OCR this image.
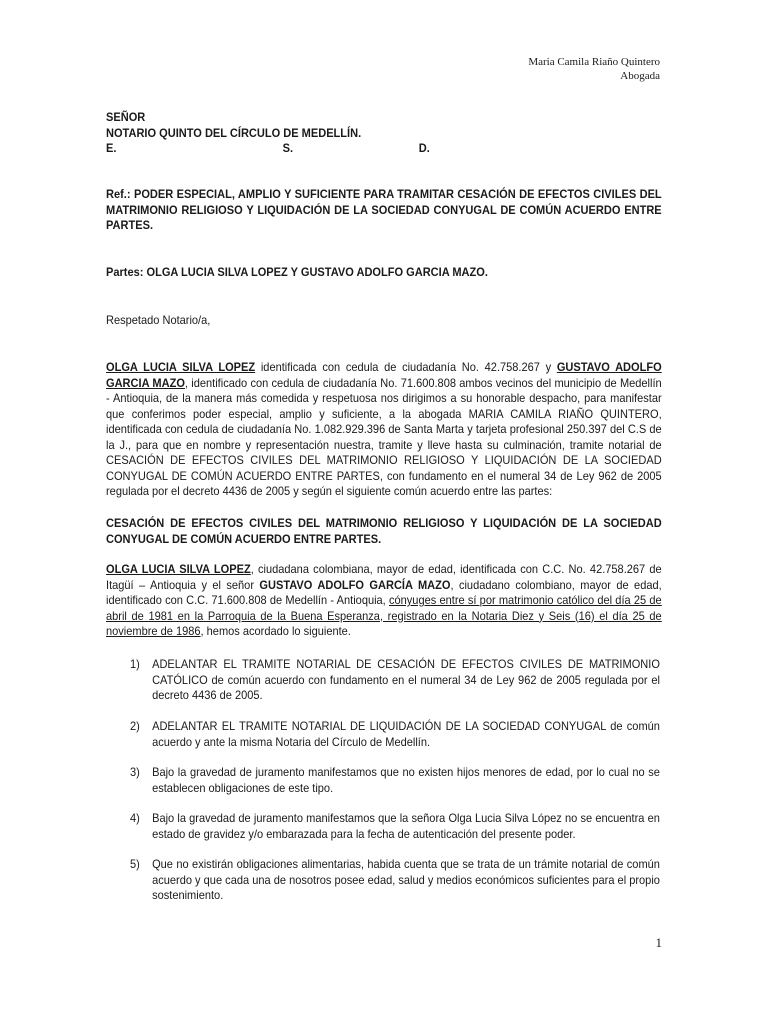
Maria Camila Riaño Quintero
Abogada
SEÑOR
NOTARIO QUINTO DEL CÍRCULO DE MEDELLÍN.
E.	S.	D.
Ref.: PODER ESPECIAL, AMPLIO Y SUFICIENTE PARA TRAMITAR CESACIÓN DE EFECTOS CIVILES DEL MATRIMONIO RELIGIOSO Y LIQUIDACIÓN DE LA SOCIEDAD CONYUGAL DE COMÚN ACUERDO ENTRE PARTES.
Partes: OLGA LUCIA SILVA LOPEZ Y GUSTAVO ADOLFO GARCIA MAZO.
Respetado Notario/a,
OLGA LUCIA SILVA LOPEZ identificada con cedula de ciudadanía No. 42.758.267 y GUSTAVO ADOLFO GARCIA MAZO, identificado con cedula de ciudadanía No. 71.600.808 ambos vecinos del municipio de Medellín - Antioquia, de la manera más comedida y respetuosa nos dirigimos a su honorable despacho, para manifestar que conferimos poder especial, amplio y suficiente, a la abogada MARIA CAMILA RIAÑO QUINTERO, identificada con cedula de ciudadanía No. 1.082.929.396 de Santa Marta y tarjeta profesional 250.397 del C.S de la J., para que en nombre y representación nuestra, tramite y lleve hasta su culminación, tramite notarial de CESACIÓN DE EFECTOS CIVILES DEL MATRIMONIO RELIGIOSO Y LIQUIDACIÓN DE LA SOCIEDAD CONYUGAL DE COMÚN ACUERDO ENTRE PARTES, con fundamento en el numeral 34 de Ley 962 de 2005 regulada por el decreto 4436 de 2005 y según el siguiente común acuerdo entre las partes:
CESACIÓN DE EFECTOS CIVILES DEL MATRIMONIO RELIGIOSO Y LIQUIDACIÓN DE LA SOCIEDAD CONYUGAL DE COMÚN ACUERDO ENTRE PARTES.
OLGA LUCIA SILVA LOPEZ, ciudadana colombiana, mayor de edad, identificada con C.C. No. 42.758.267 de Itagüí – Antioquia y el señor GUSTAVO ADOLFO GARCÍA MAZO, ciudadano colombiano, mayor de edad, identificado con C.C. 71.600.808 de Medellín - Antioquia, cónyuges entre sí por matrimonio católico del día 25 de abril de 1981 en la Parroquia de la Buena Esperanza, registrado en la Notaria Diez y Seis (16) el día 25 de noviembre de 1986, hemos acordado lo siguiente.
1) ADELANTAR EL TRAMITE NOTARIAL DE CESACIÓN DE EFECTOS CIVILES DE MATRIMONIO CATÓLICO de común acuerdo con fundamento en el numeral 34 de Ley 962 de 2005 regulada por el decreto 4436 de 2005.
2) ADELANTAR EL TRAMITE NOTARIAL DE LIQUIDACIÓN DE LA SOCIEDAD CONYUGAL de común acuerdo y ante la misma Notaria del Círculo de Medellín.
3) Bajo la gravedad de juramento manifestamos que no existen hijos menores de edad, por lo cual no se establecen obligaciones de este tipo.
4) Bajo la gravedad de juramento manifestamos que la señora Olga Lucia Silva López no se encuentra en estado de gravidez y/o embarazada para la fecha de autenticación del presente poder.
5) Que no existirán obligaciones alimentarias, habida cuenta que se trata de un trámite notarial de común acuerdo y que cada una de nosotros posee edad, salud y medios económicos suficientes para el propio sostenimiento.
1
